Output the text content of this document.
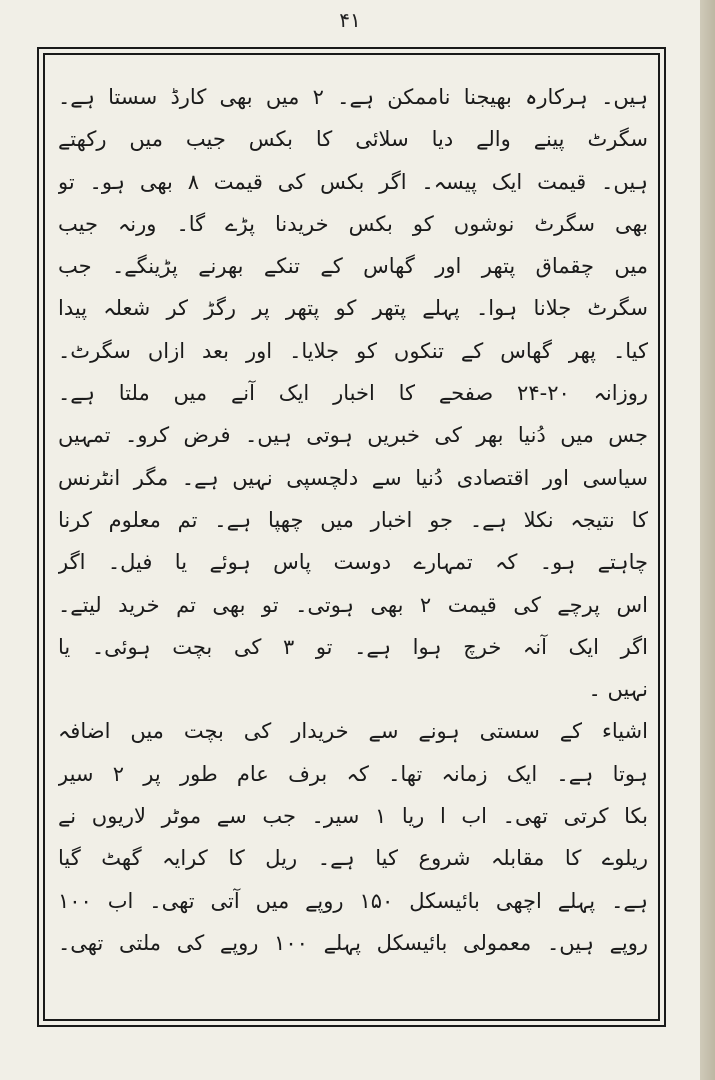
۴۱
ہیں۔ ہرکارہ بھیجنا ناممکن ہے۔ ۲ میں بھی کارڈ سستا ہے۔
سگرٹ پینے والے دیا سلائی کا بکس جیب میں رکھتے
ہیں۔ قیمت ایک پیسہ۔ اگر بکس کی قیمت ۸ بھی ہو۔ تو
بھی سگرٹ نوشوں کو بکس خریدنا پڑے گا۔ ورنہ جیب
میں چقماق پتھر اور گھاس کے تنکے بھرنے پڑینگے۔ جب
سگرٹ جلانا ہوا۔ پہلے پتھر کو پتھر پر رگڑ کر شعلہ پیدا
کیا۔ پھر گھاس کے تنکوں کو جلایا۔ اور بعد ازاں سگرٹ۔
روزانہ ۲۰-۲۴ صفحے کا اخبار ایک آنے میں ملتا ہے۔
جس میں دُنیا بھر کی خبریں ہوتی ہیں۔ فرض کرو۔ تمہیں
سیاسی اور اقتصادی دُنیا سے دلچسپی نہیں ہے۔ مگر انٹرنس
کا نتیجہ نکلا ہے۔ جو اخبار میں چھپا ہے۔ تم معلوم کرنا
چاہتے ہو۔ کہ تمہارے دوست پاس ہوئے یا فیل۔ اگر
اس پرچے کی قیمت ۲ بھی ہوتی۔ تو بھی تم خرید لیتے۔
اگر ایک آنہ خرچ ہوا ہے۔ تو ۳ کی بچت ہوئی۔ یا
نہیں ۔
اشیاء کے سستی ہونے سے خریدار کی بچت میں اضافہ
ہوتا ہے۔ ایک زمانہ تھا۔ کہ برف عام طور پر ۲ سیر
بکا کرتی تھی۔ اب ا ریا ۱ سیر۔ جب سے موٹر لاریوں نے
ریلوے کا مقابلہ شروع کیا ہے۔ ریل کا کرایہ گھٹ گیا
ہے۔ پہلے اچھی بائیسکل ۱۵۰ روپے میں آتی تھی۔ اب ۱۰۰
روپے ہیں۔ معمولی بائیسکل پہلے ۱۰۰ روپے کی ملتی تھی۔
